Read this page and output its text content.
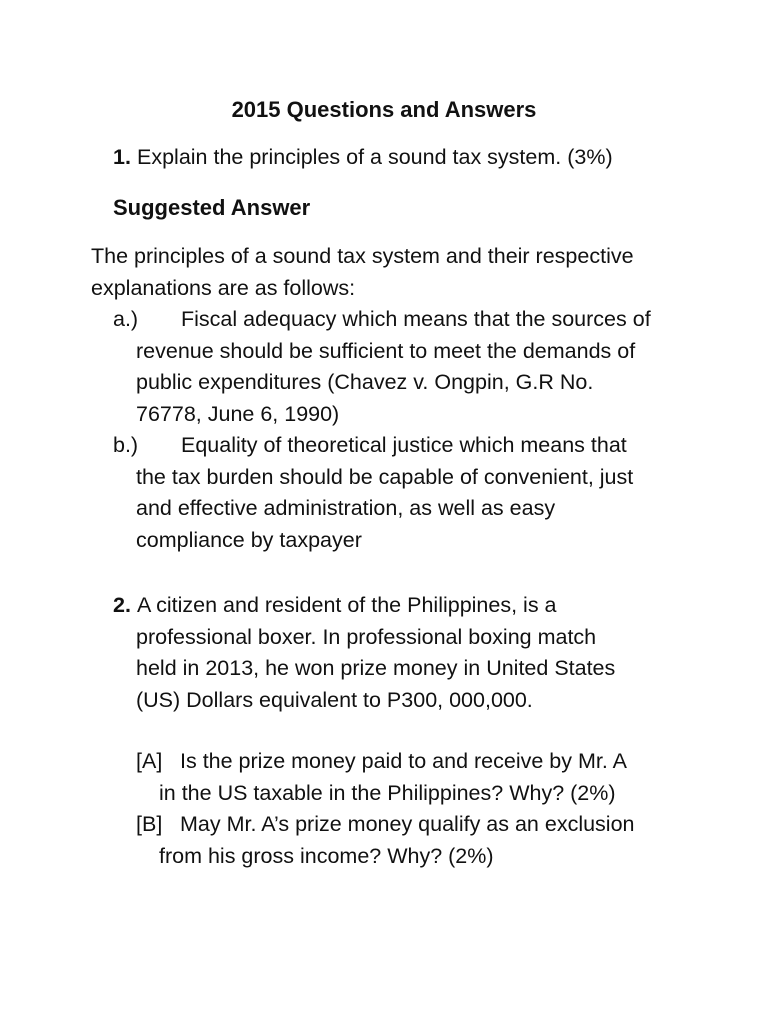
2015 Questions and Answers
1. Explain the principles of a sound tax system. (3%)
Suggested Answer
The principles of a sound tax system and their respective
explanations are as follows:
a.) Fiscal adequacy which means that the sources of
revenue should be sufficient to meet the demands of
public expenditures (Chavez v. Ongpin, G.R No.
76778, June 6, 1990)
b.) Equality of theoretical justice which means that
the tax burden should be capable of convenient, just
and effective administration, as well as easy
compliance by taxpayer
2. A citizen and resident of the Philippines, is a
professional boxer. In professional boxing match
held in 2013, he won prize money in United States
(US) Dollars equivalent to P300, 000,000.
[A] Is the prize money paid to and receive by Mr. A
in the US taxable in the Philippines? Why? (2%)
[B] May Mr. A’s prize money qualify as an exclusion
from his gross income? Why? (2%)
